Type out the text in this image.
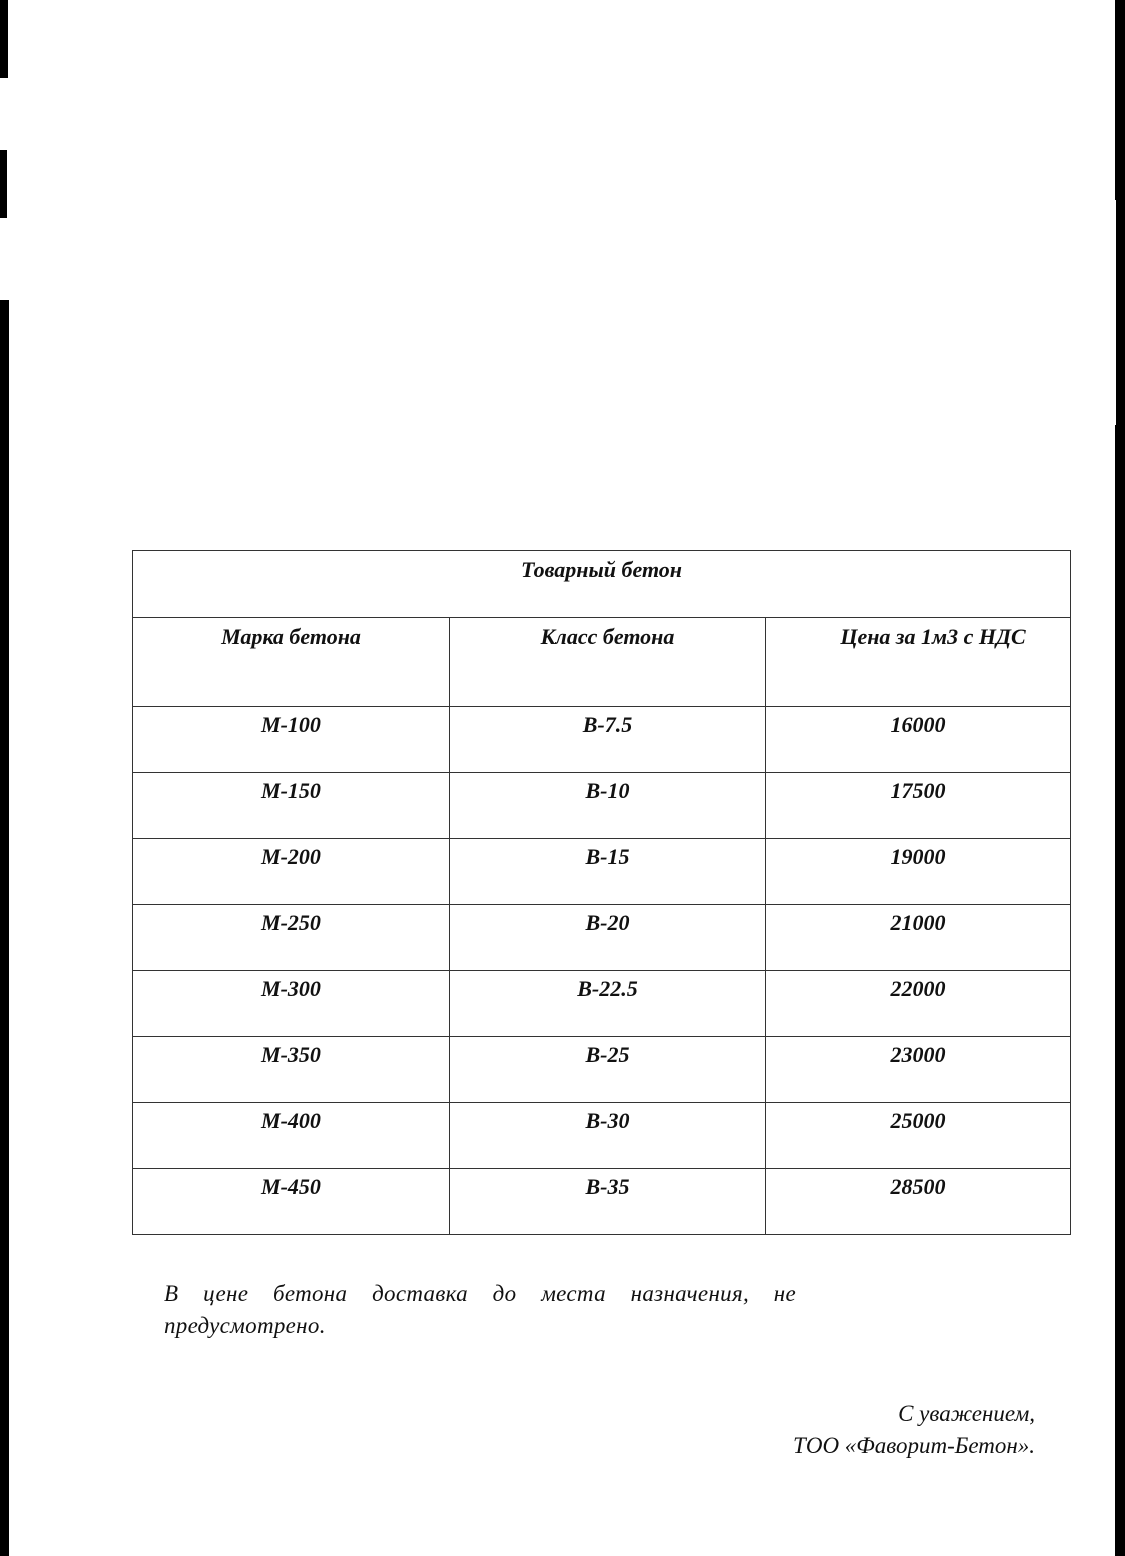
Товарный бетон		
Марка бетона	Класс бетона	Цена за 1м3 с НДС
М-100	В-7.5	16000
М-150	В-10	17500
М-200	В-15	19000
М-250	В-20	21000
М-300	В-22.5	22000
М-350	В-25	23000
М-400	В-30	25000
М-450	В-35	28500
В цене бетона доставка до места назначения, не предусмотрено.
С уважением,
ТОО «Фаворит-Бетон».
